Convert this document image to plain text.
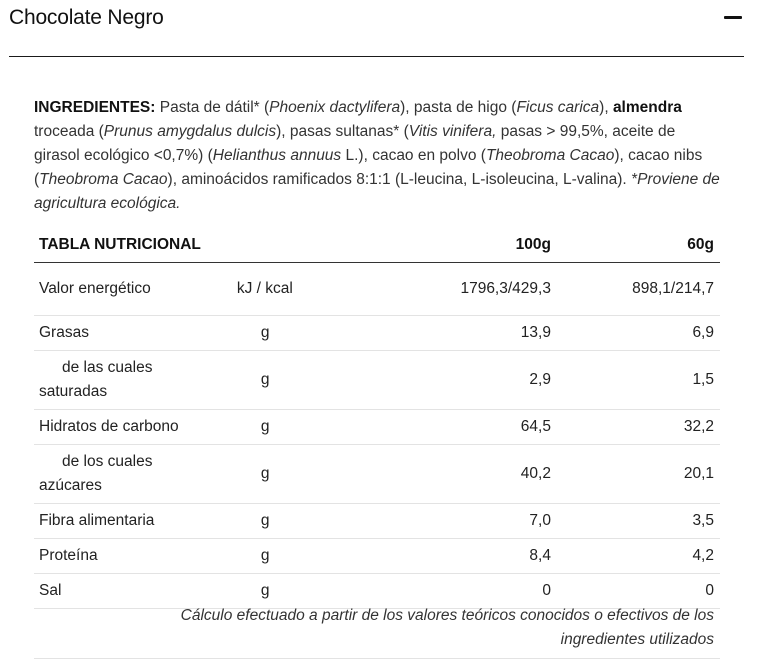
Chocolate Negro
INGREDIENTES: Pasta de dátil* (Phoenix dactylifera), pasta de higo (Ficus carica), almendra troceada (Prunus amygdalus dulcis), pasas sultanas* (Vitis vinifera, pasas > 99,5%, aceite de girasol ecológico <0,7%) (Helianthus annuus L.), cacao en polvo (Theobroma Cacao), cacao nibs (Theobroma Cacao), aminoácidos ramificados 8:1:1 (L-leucina, L-isoleucina, L-valina). *Proviene de agricultura ecológica.
TABLA NUTRICIONAL		100g	60g
Valor energético	kJ / kcal	1796,3/429,3	898,1/214,7
Grasas	g	13,9	6,9

de las cuales
saturadas	g	2,9	1,5
Hidratos de carbono	g	64,5	32,2

de los cuales
azúcares	g	40,2	20,1
Fibra alimentaria	g	7,0	3,5
Proteína	g	8,4	4,2
Sal	g	0	0
Cálculo efectuado a partir de los valores teóricos conocidos o efectivos de los
ingredientes utilizados
